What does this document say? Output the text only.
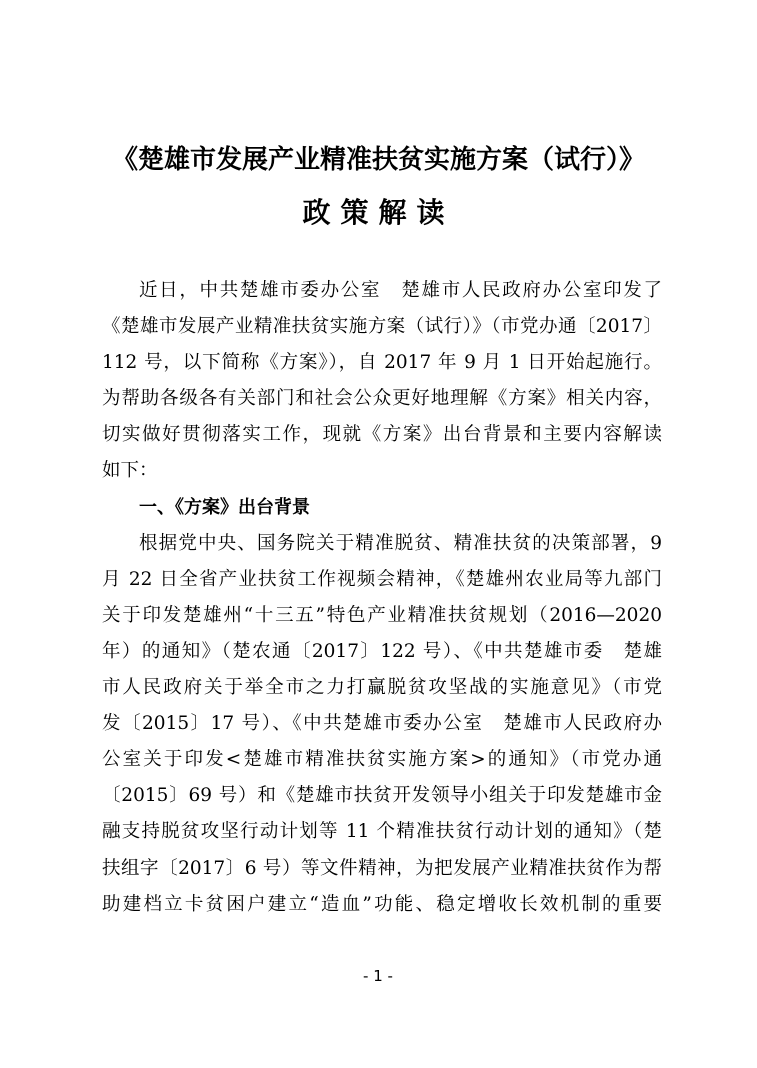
《楚雄市发展产业精准扶贫实施方案（试行）》
政策解读
近日，中共楚雄市委办公室　楚雄市人民政府办公室印发了
《楚雄市发展产业精准扶贫实施方案（试行）》（市党办通〔2017〕
112 号，以下简称《方案》），自 2017 年 9 月 1 日开始起施行。
为帮助各级各有关部门和社会公众更好地理解《方案》相关内容，
切实做好贯彻落实工作，现就《方案》出台背景和主要内容解读
如下：
一、《方案》出台背景
根据党中央、国务院关于精准脱贫、精准扶贫的决策部署，9
月 22 日全省产业扶贫工作视频会精神，《楚雄州农业局等九部门
关于印发楚雄州“十三五”特色产业精准扶贫规划（2016—2020
年）的通知》（楚农通〔2017〕122 号）、《中共楚雄市委　楚雄
市人民政府关于举全市之力打赢脱贫攻坚战的实施意见》（市党
发〔2015〕17 号）、《中共楚雄市委办公室　楚雄市人民政府办
公室关于印发<楚雄市精准扶贫实施方案>的通知》（市党办通
〔2015〕69 号）和《楚雄市扶贫开发领导小组关于印发楚雄市金
融支持脱贫攻坚行动计划等 11 个精准扶贫行动计划的通知》（楚
扶组字〔2017〕6 号）等文件精神，为把发展产业精准扶贫作为帮
助建档立卡贫困户建立“造血”功能、稳定增收长效机制的重要
- 1 -
